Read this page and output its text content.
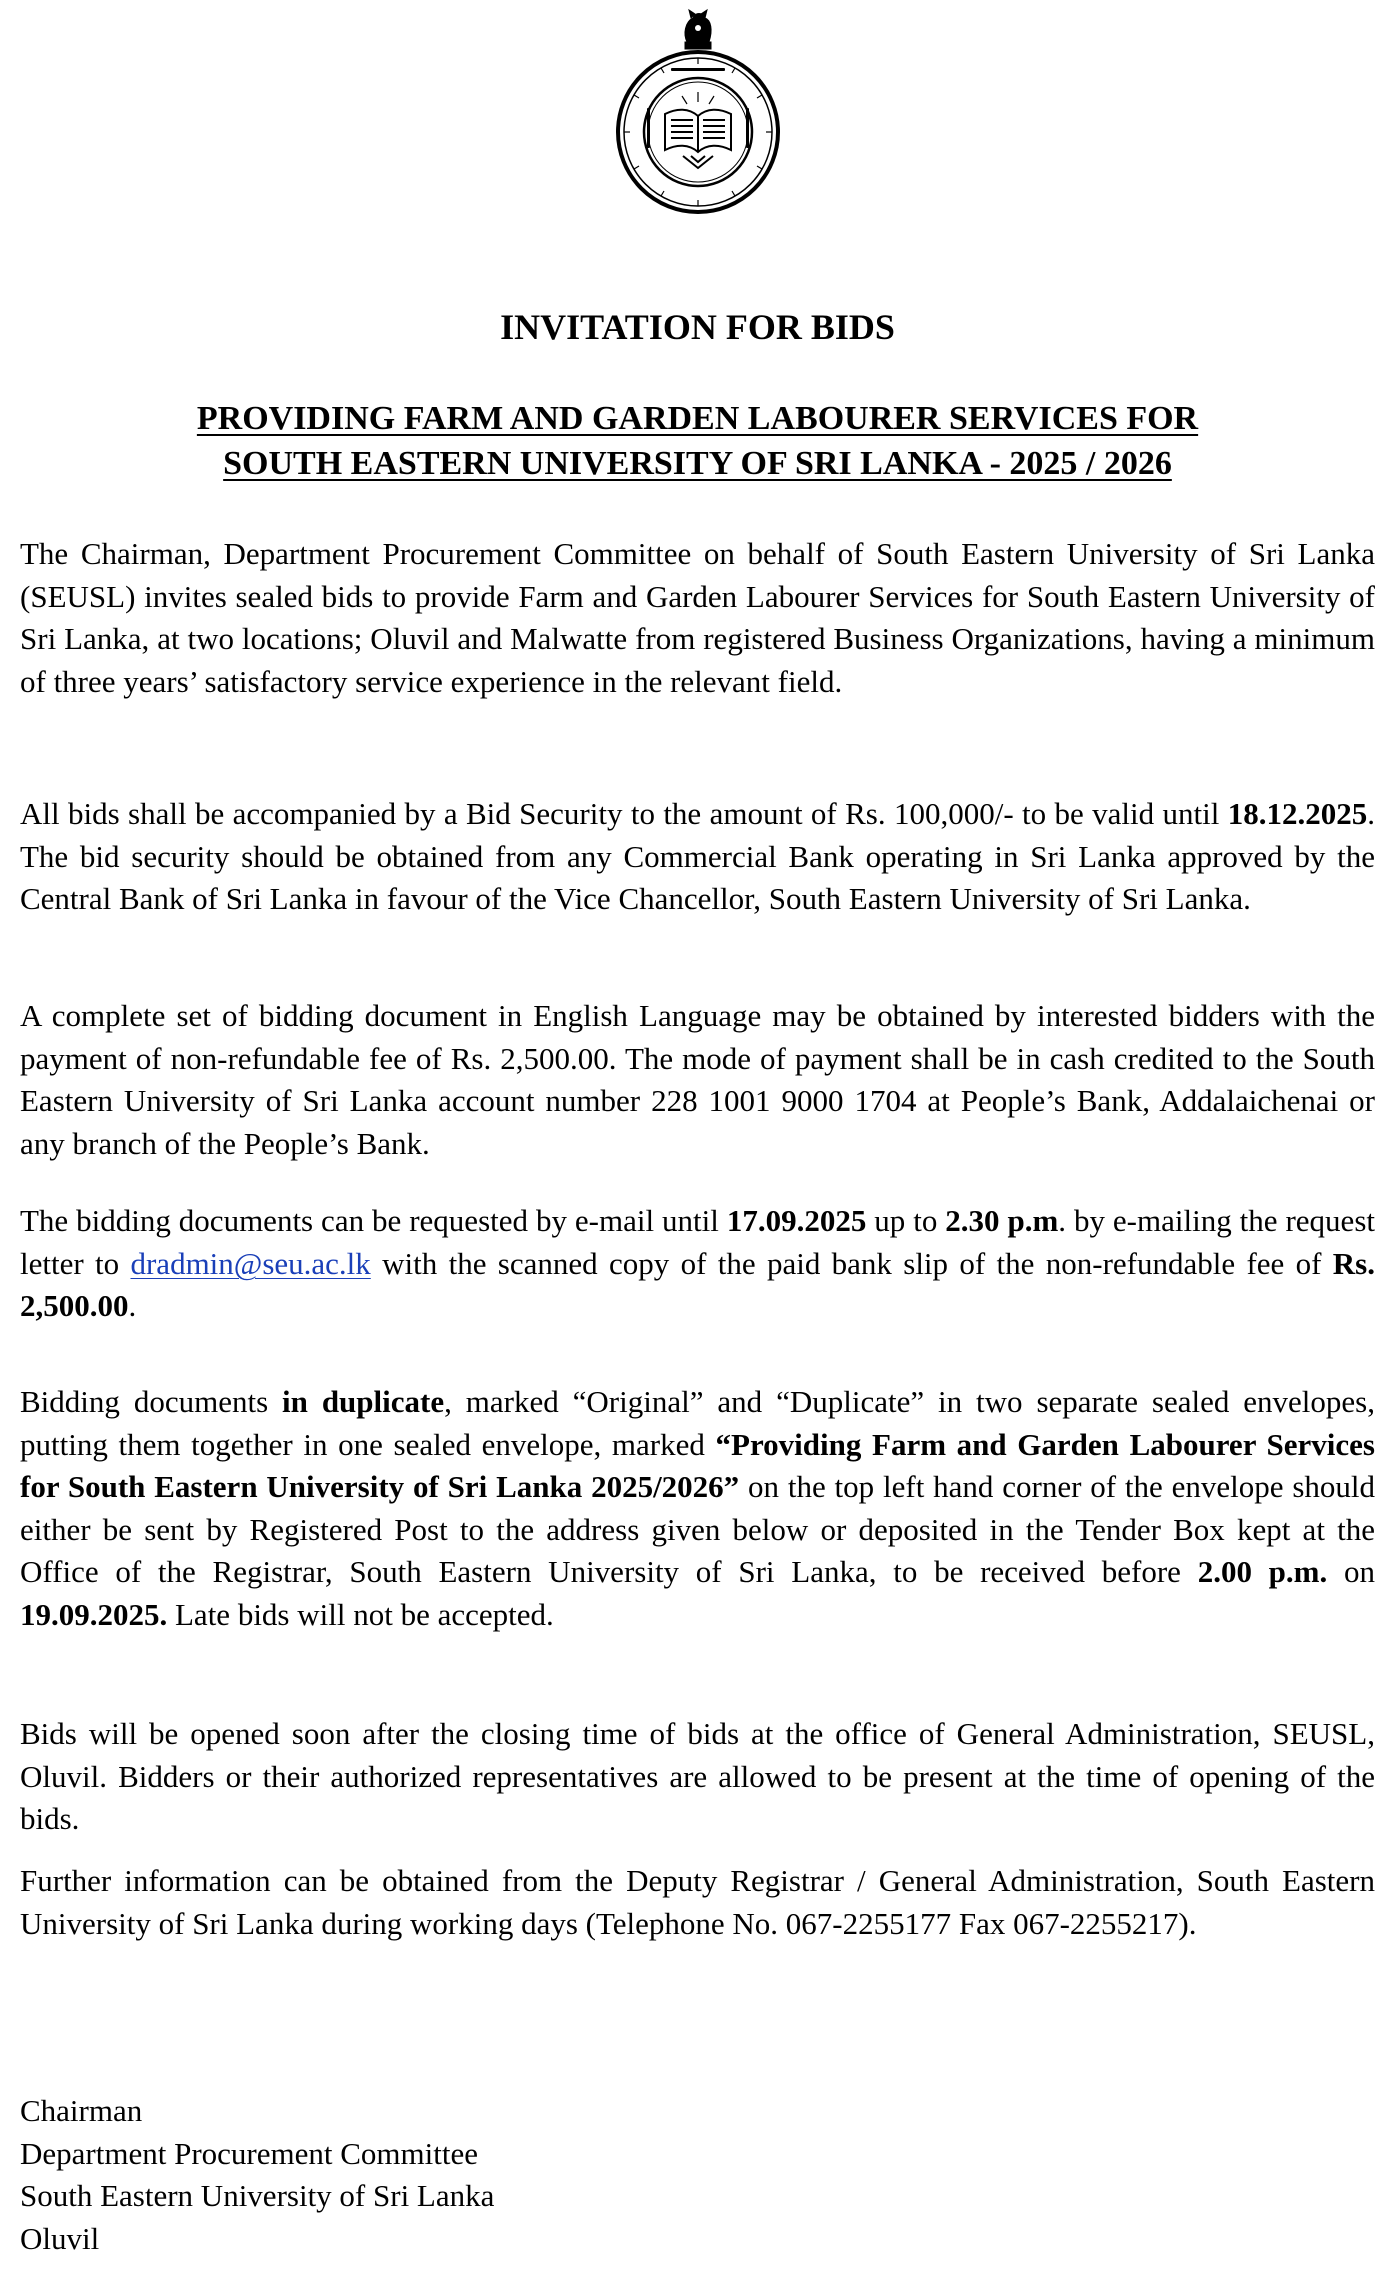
INVITATION FOR BIDS
PROVIDING FARM AND GARDEN LABOURER SERVICES FOR
SOUTH EASTERN UNIVERSITY OF SRI LANKA - 2025 / 2026

The Chairman, Department Procurement Committee on behalf of South Eastern University of Sri Lanka (SEUSL) invites sealed bids to provide Farm and Garden Labourer Services for South Eastern University of Sri Lanka, at two locations; Oluvil and Malwatte from registered Business Organizations, having a minimum of three years’ satisfactory service experience in the relevant field.

All bids shall be accompanied by a Bid Security to the amount of Rs. 100,000/- to be valid until 18.12.2025. The bid security should be obtained from any Commercial Bank operating in Sri Lanka approved by the Central Bank of Sri Lanka in favour of the Vice Chancellor, South Eastern University of Sri Lanka.

A complete set of bidding document in English Language may be obtained by interested bidders with the payment of non-refundable fee of Rs. 2,500.00. The mode of payment shall be in cash credited to the South Eastern University of Sri Lanka account number 228 1001 9000 1704 at People’s Bank, Addalaichenai or any branch of the People’s Bank.

The bidding documents can be requested by e-mail until 17.09.2025 up to 2.30 p.m. by e-mailing the request letter to dradmin@seu.ac.lk with the scanned copy of the paid bank slip of the non-refundable fee of Rs. 2,500.00.

Bidding documents in duplicate, marked “Original” and “Duplicate” in two separate sealed envelopes, putting them together in one sealed envelope, marked “Providing Farm and Garden Labourer Services for South Eastern University of Sri Lanka 2025/2026” on the top left hand corner of the envelope should either be sent by Registered Post to the address given below or deposited in the Tender Box kept at the Office of the Registrar, South Eastern University of Sri Lanka, to be received before 2.00 p.m. on 19.09.2025. Late bids will not be accepted.

Bids will be opened soon after the closing time of bids at the office of General Administration, SEUSL, Oluvil. Bidders or their authorized representatives are allowed to be present at the time of opening of the bids.

Further information can be obtained from the Deputy Registrar / General Administration, South Eastern University of Sri Lanka during working days (Telephone No. 067-2255177 Fax 067-2255217).

Chairman
Department Procurement Committee
South Eastern University of Sri Lanka
Oluvil
